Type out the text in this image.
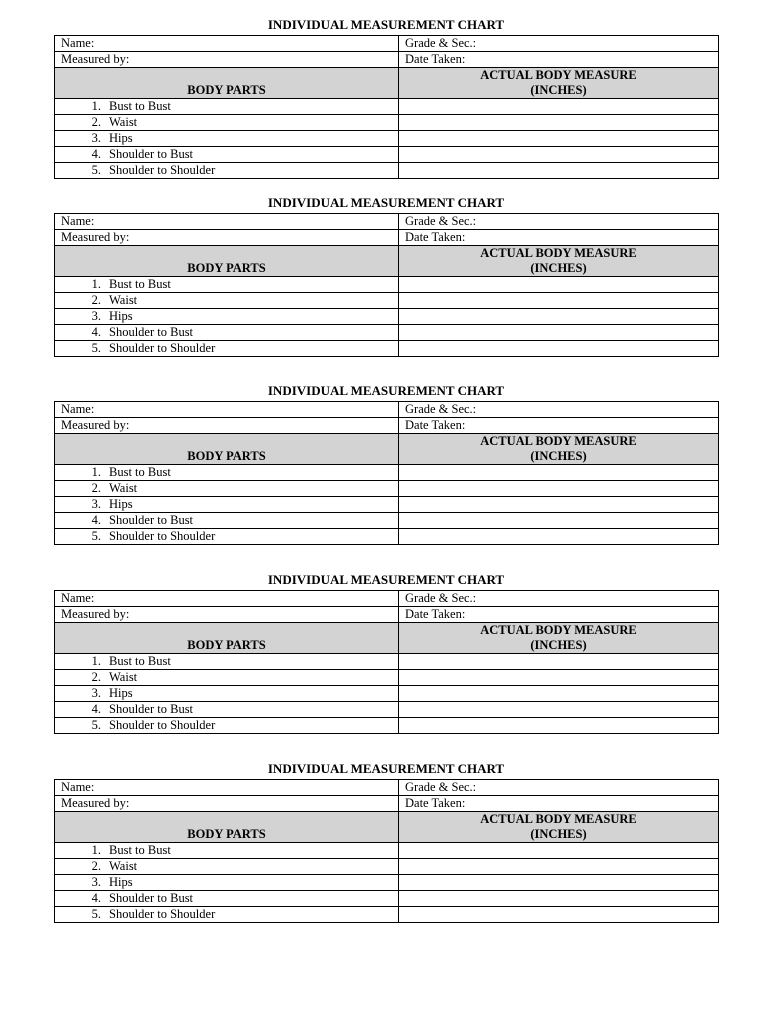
INDIVIDUAL MEASUREMENT CHART
Name:	Grade & Sec.:
Measured by:	Date Taken:
BODY PARTS	ACTUAL BODY MEASURE
(INCHES)

1. Bust to Bust	
2. Waist	
3. Hips	
4. Shoulder to Bust	
5. Shoulder to Shoulder	
INDIVIDUAL MEASUREMENT CHART
Name:	Grade & Sec.:
Measured by:	Date Taken:
BODY PARTS	ACTUAL BODY MEASURE
(INCHES)

1. Bust to Bust	
2. Waist	
3. Hips	
4. Shoulder to Bust	
5. Shoulder to Shoulder	
INDIVIDUAL MEASUREMENT CHART
Name:	Grade & Sec.:
Measured by:	Date Taken:
BODY PARTS	ACTUAL BODY MEASURE
(INCHES)

1. Bust to Bust	
2. Waist	
3. Hips	
4. Shoulder to Bust	
5. Shoulder to Shoulder	
INDIVIDUAL MEASUREMENT CHART
Name:	Grade & Sec.:
Measured by:	Date Taken:
BODY PARTS	ACTUAL BODY MEASURE
(INCHES)

1. Bust to Bust	
2. Waist	
3. Hips	
4. Shoulder to Bust	
5. Shoulder to Shoulder	
INDIVIDUAL MEASUREMENT CHART
Name:	Grade & Sec.:
Measured by:	Date Taken:
BODY PARTS	ACTUAL BODY MEASURE
(INCHES)

1. Bust to Bust	
2. Waist	
3. Hips	
4. Shoulder to Bust	
5. Shoulder to Shoulder	
